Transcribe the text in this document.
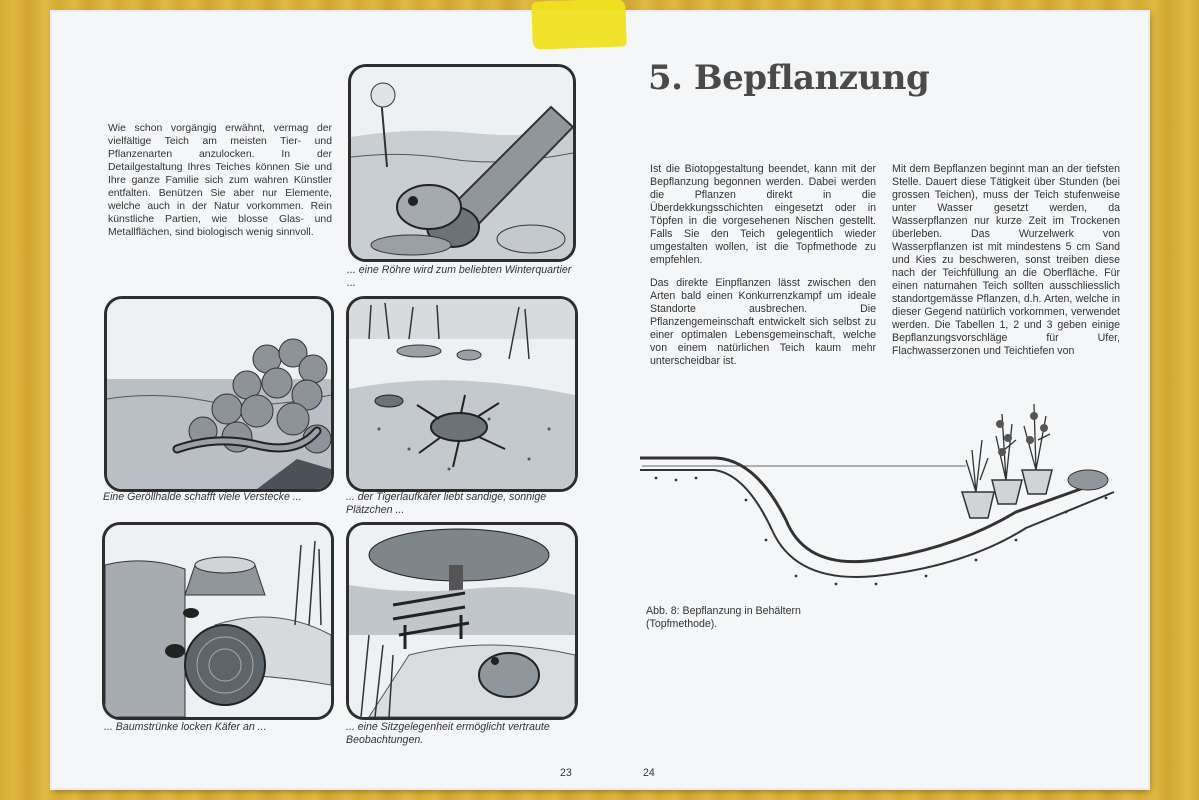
Wie schon vorgängig erwähnt, vermag der vielfältige Teich am meisten Tier- und Pflanzenarten anzulocken. In der Detailgestaltung Ihres Teiches können Sie und Ihre ganze Familie sich zum wahren Künstler entfalten. Benützen Sie aber nur Elemente, welche auch in der Natur vorkommen. Rein künstliche Partien, wie blosse Glas- und Metallflächen, sind biologisch wenig sinnvoll.
... eine Röhre wird zum beliebten Winterquartier ...
Eine Geröllhalde schafft viele Verstecke ...	... der Tigerlaufkäfer liebt sandige, sonnige Plätzchen ...
... Baumstrünke locken Käfer an ...	... eine Sitzgelegenheit ermöglicht vertraute Beobachtungen.
23
5. Bepflanzung

Ist die Biotopgestaltung beendet, kann mit der Bepflanzung begonnen werden. Dabei werden die Pflanzen direkt in die Überdekkungsschichten eingesetzt oder in Töpfen in die vorgesehenen Nischen gestellt. Falls Sie den Teich gelegentlich wieder umgestalten wollen, ist die Topfmethode zu empfehlen.

Das direkte Einpflanzen lässt zwischen den Arten bald einen Konkurrenzkampf um ideale Standorte ausbrechen. Die Pflanzengemeinschaft entwickelt sich selbst zu einer optimalen Lebensgemeinschaft, welche von einem natürlichen Teich kaum mehr unterscheidbar ist.

Mit dem Bepflanzen beginnt man an der tiefsten Stelle. Dauert diese Tätigkeit über Stunden (bei grossen Teichen), muss der Teich stufenweise unter Wasser gesetzt werden, da Wasserpflanzen nur kurze Zeit im Trockenen überleben. Das Wurzelwerk von Wasserpflanzen ist mit mindestens 5 cm Sand und Kies zu beschweren, sonst treiben diese nach der Teichfüllung an die Oberfläche. Für einen naturnahen Teich sollten ausschliesslich standortgemässe Pflanzen, d.h. Arten, welche in dieser Gegend natürlich vorkommen, verwendet werden. Die Tabellen 1, 2 und 3 geben einige Bepflanzungsvorschläge für Ufer, Flachwasserzonen und Teichtiefen von

Abb. 8: Bepflanzung in Behältern
(Topfmethode).
24
